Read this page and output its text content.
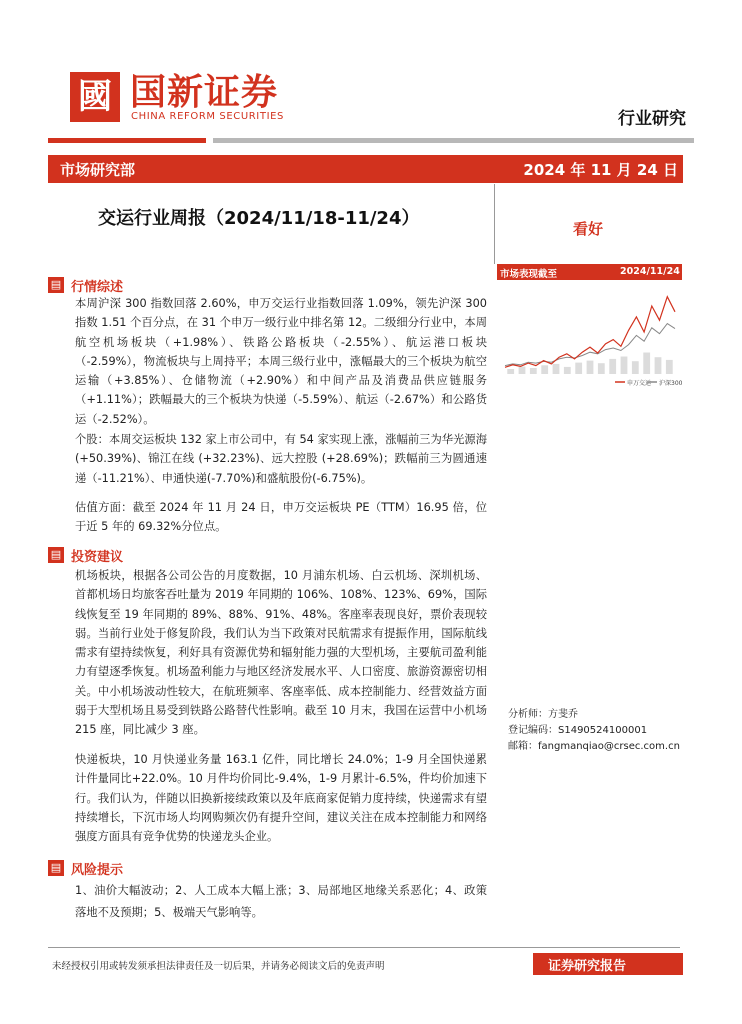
國 国新证券
CHINA REFORM SECURITIES	行业研究
市场研究部	2024 年 11 月 24 日
交运行业周报（2024/11/18-11/24）	看好
▤ 行情综述
本周沪深 300 指数回落 2.60%，申万交运行业指数回落 1.09%，领先沪深 300 指数 1.51 个百分点，在 31 个申万一级行业中排名第 12。二级细分行业中，本周航空机场板块（+1.98%）、铁路公路板块（-2.55%）、航运港口板块（-2.59%），物流板块与上周持平；本周三级行业中，涨幅最大的三个板块为航空运输（+3.85%）、仓储物流（+2.90%）和中间产品及消费品供应链服务（+1.11%）；跌幅最大的三个板块为快递（-5.59%）、航运（-2.67%）和公路货运（-2.52%）。
个股：本周交运板块 132 家上市公司中，有 54 家实现上涨，涨幅前三为华光源海 (+50.39%)、锦江在线 (+32.23%)、远大控股 (+28.69%)；跌幅前三为圆通速递（-11.21%）、申通快递(-7.70%)和盛航股份(-6.75%)。
估值方面：截至 2024 年 11 月 24 日，申万交运板块 PE（TTM）16.95 倍，位于近 5 年的 69.32%分位点。
▤ 投资建议
机场板块，根据各公司公告的月度数据，10 月浦东机场、白云机场、深圳机场、首都机场日均旅客吞吐量为 2019 年同期的 106%、108%、123%、69%，国际线恢复至 19 年同期的 89%、88%、91%、48%。客座率表现良好，票价表现较弱。当前行业处于修复阶段，我们认为当下政策对民航需求有提振作用，国际航线需求有望持续恢复，利好具有资源优势和辐射能力强的大型机场，主要航司盈利能力有望逐季恢复。机场盈利能力与地区经济发展水平、人口密度、旅游资源密切相关。中小机场波动性较大，在航班频率、客座率低、成本控制能力、经营效益方面弱于大型机场且易受到铁路公路替代性影响。截至 10 月末，我国在运营中小机场 215 座，同比减少 3 座。
快递板块，10 月快递业务量 163.1 亿件，同比增长 24.0%；1-9 月全国快递累计件量同比+22.0%。10 月件均价同比-9.4%，1-9 月累计-6.5%，件均价加速下行。我们认为，伴随以旧换新接续政策以及年底商家促销力度持续，快递需求有望持续增长，下沉市场人均网购频次仍有提升空间，建议关注在成本控制能力和网络强度方面具有竞争优势的快递龙头企业。
▤ 风险提示
1、油价大幅波动；2、人工成本大幅上涨；3、局部地区地缘关系恶化；4、政策落地不及预期；5、极端天气影响等。
市场表现截至	2024/11/24
申万交运 沪深300
分析师：方斐乔
登记编码：S1490524100001
邮箱：fangmanqiao@crsec.com.cn
未经授权引用或转发须承担法律责任及一切后果，并请务必阅读文后的免责声明	证券研究报告
